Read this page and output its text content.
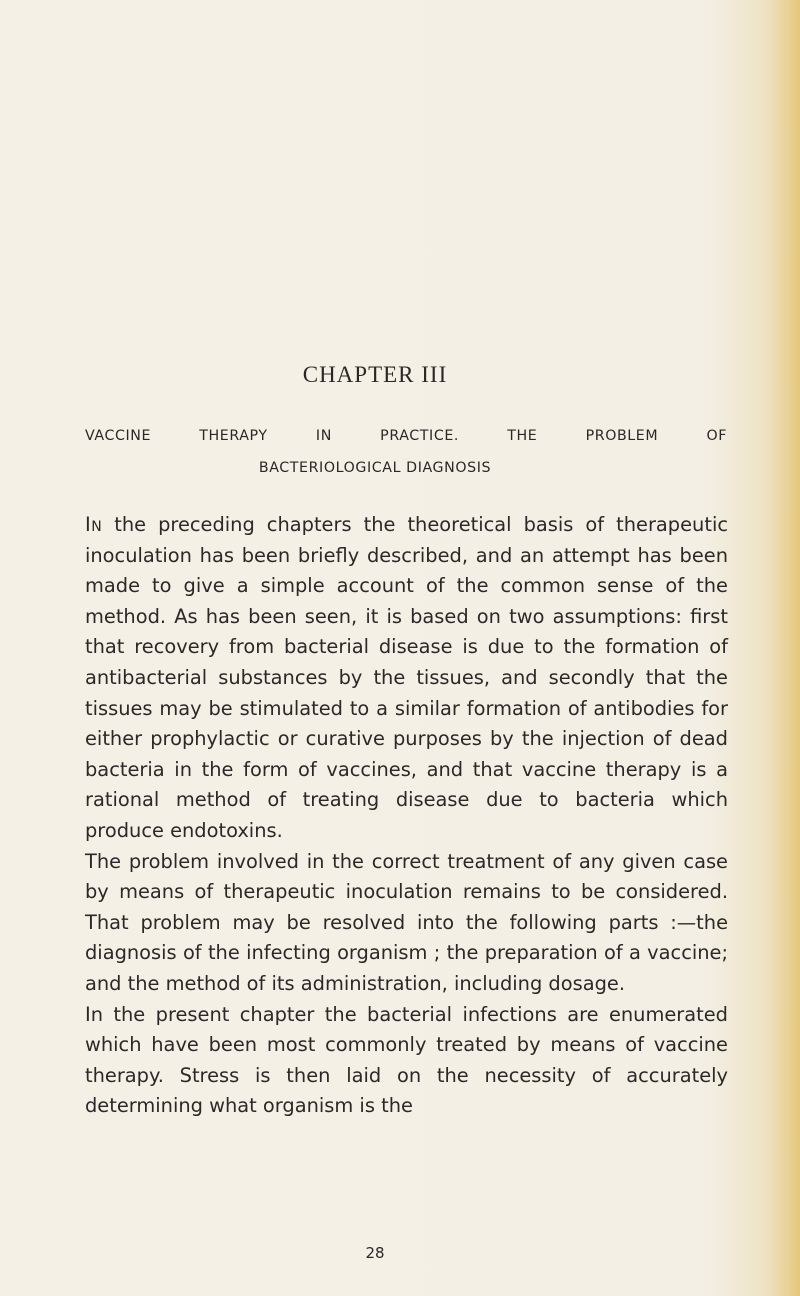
CHAPTER III
VACCINE THERAPY IN PRACTICE. THE PROBLEM OF
BACTERIOLOGICAL DIAGNOSIS

In the preceding chapters the theoretical basis of therapeutic inoculation has been briefly described, and an attempt has been made to give a simple account of the common sense of the method. As has been seen, it is based on two assumptions: first that recovery from bacterial disease is due to the formation of antibacterial substances by the tissues, and secondly that the tissues may be stimulated to a similar formation of antibodies for either prophylactic or curative purposes by the injection of dead bacteria in the form of vaccines, and that vaccine therapy is a rational method of treating disease due to bacteria which produce endotoxins.

The problem involved in the correct treatment of any given case by means of therapeutic inoculation remains to be considered. That problem may be resolved into the following parts :—the diagnosis of the infecting organism ; the preparation of a vaccine; and the method of its administration, including dosage.

In the present chapter the bacterial infections are enumerated which have been most commonly treated by means of vaccine therapy. Stress is then laid on the necessity of accurately determining what organism is the

28
